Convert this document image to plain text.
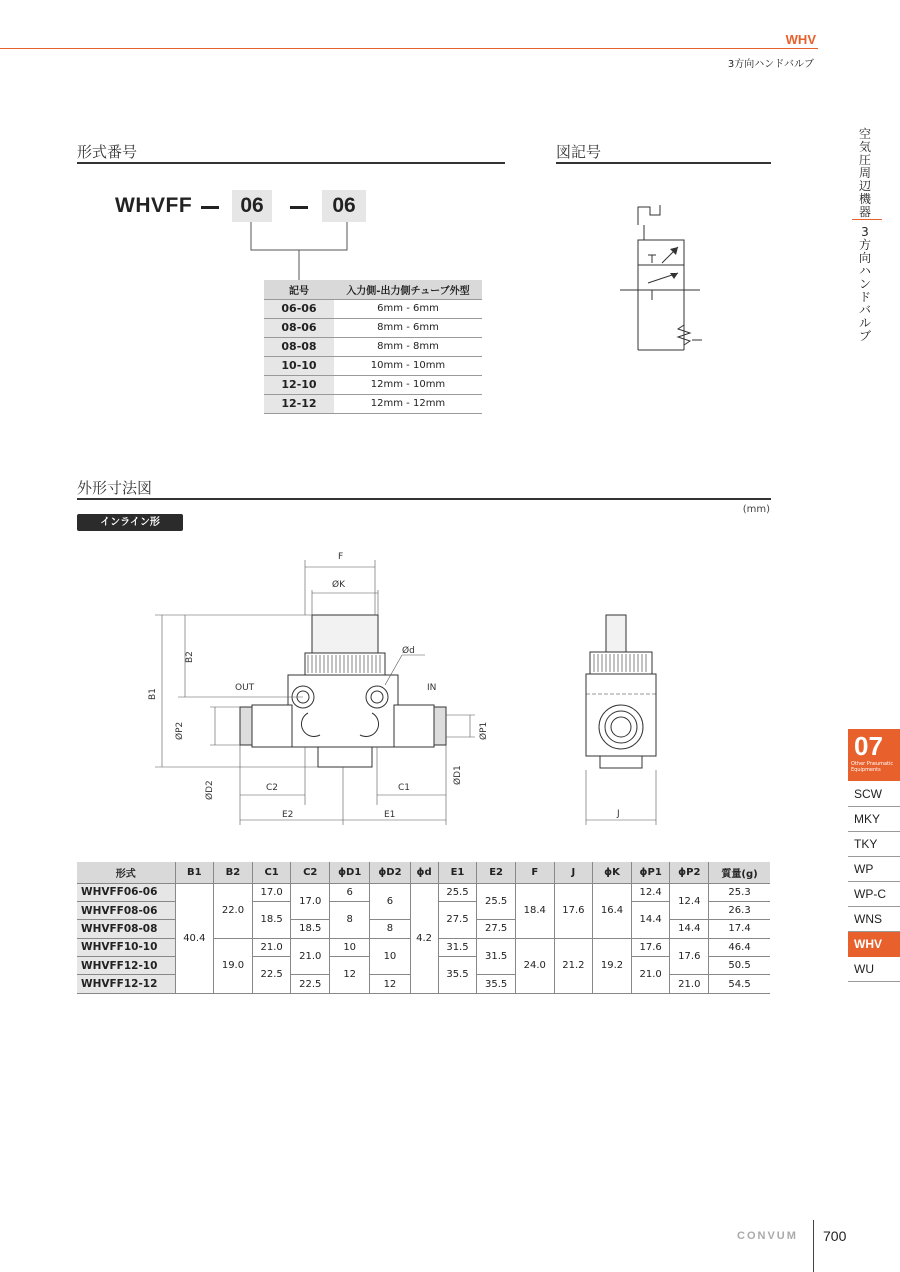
WHV
3方向ハンドバルブ
形式番号	図記号
WHVFF	06	06
記号	入力側-出力側チューブ外型
06-06	6mm - 6mm
08-06	8mm - 6mm
08-08	8mm - 8mm
10-10	10mm - 10mm
12-10	12mm - 10mm
12-12	12mm - 12mm
外形寸法図
インライン形
(mm)
F
ØK
Ød
B2
B1
OUT	IN
ØP2	ØP1
ØD2
ØD1
C2	C1
E2	E1	J
形式	B1	B2	C1	C2	ϕD1	ϕD2	ϕd	E1	E2	F	J	ϕK	ϕP1	ϕP2	質量(g)
WHVFF06-06	40.4	22.0	17.0	17.0	6	6	4.2	25.5	25.5	18.4	17.6	16.4	12.4	12.4	25.3
WHVFF08-06			18.5		8			27.5					14.4		26.3
WHVFF08-08				18.5		8			27.5					14.4	17.4
WHVFF10-10		19.0	21.0	21.0	10	10		31.5	31.5	24.0	21.2	19.2	17.6	17.6	46.4
WHVFF12-10			22.5		12			35.5					21.0		50.5
WHVFF12-12				22.5		12			35.5					21.0	54.5
空気圧周辺機器
3方向ハンドバルブ
07
Other Pneumatic Equipments
SCW
MKY
TKY
WP
WP-C
WNS
WHV
WU
CONVUM 700
